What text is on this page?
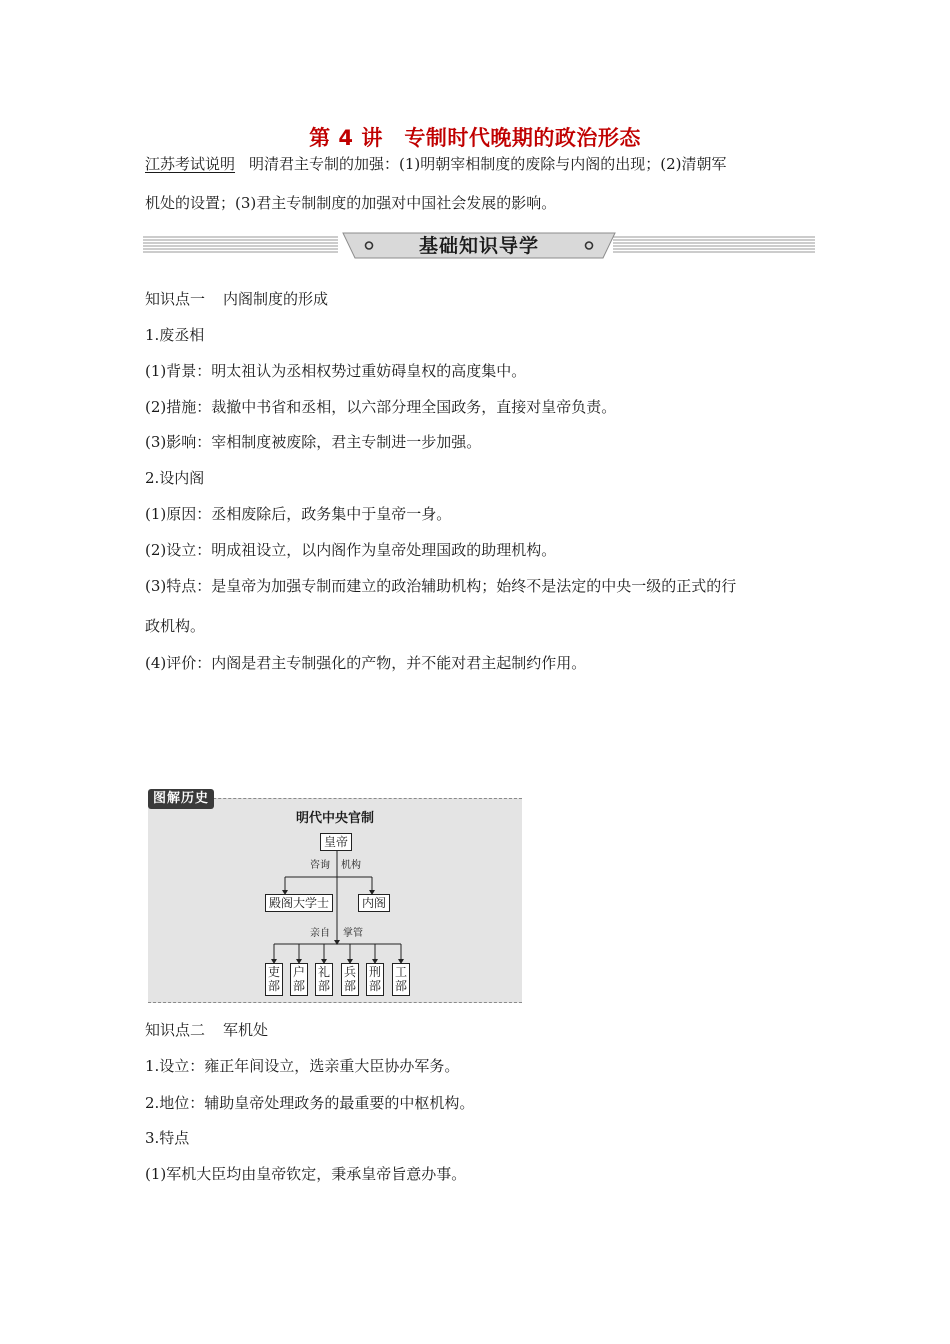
第 4 讲　专制时代晚期的政治形态
江苏考试说明 明清君主专制的加强：(1)明朝宰相制度的废除与内阁的出现；(2)清朝军
机处的设置；(3)君主专制制度的加强对中国社会发展的影响。
基础知识导学
知识点一 内阁制度的形成
1.废丞相
(1)背景：明太祖认为丞相权势过重妨碍皇权的高度集中。
(2)措施：裁撤中书省和丞相，以六部分理全国政务，直接对皇帝负责。
(3)影响：宰相制度被废除，君主专制进一步加强。
2.设内阁
(1)原因：丞相废除后，政务集中于皇帝一身。
(2)设立：明成祖设立，以内阁作为皇帝处理国政的助理机构。
(3)特点：是皇帝为加强专制而建立的政治辅助机构；始终不是法定的中央一级的正式的行
政机构。
(4)评价：内阁是君主专制强化的产物，并不能对君主起制约作用。
图解历史
明代中央官制
皇帝
咨询 机构
殿阁大学士	内阁
亲自 掌管
吏部
户部
礼部
兵部
刑部
工部
知识点二 军机处
1.设立：雍正年间设立，选亲重大臣协办军务。
2.地位：辅助皇帝处理政务的最重要的中枢机构。
3.特点
(1)军机大臣均由皇帝钦定，秉承皇帝旨意办事。
